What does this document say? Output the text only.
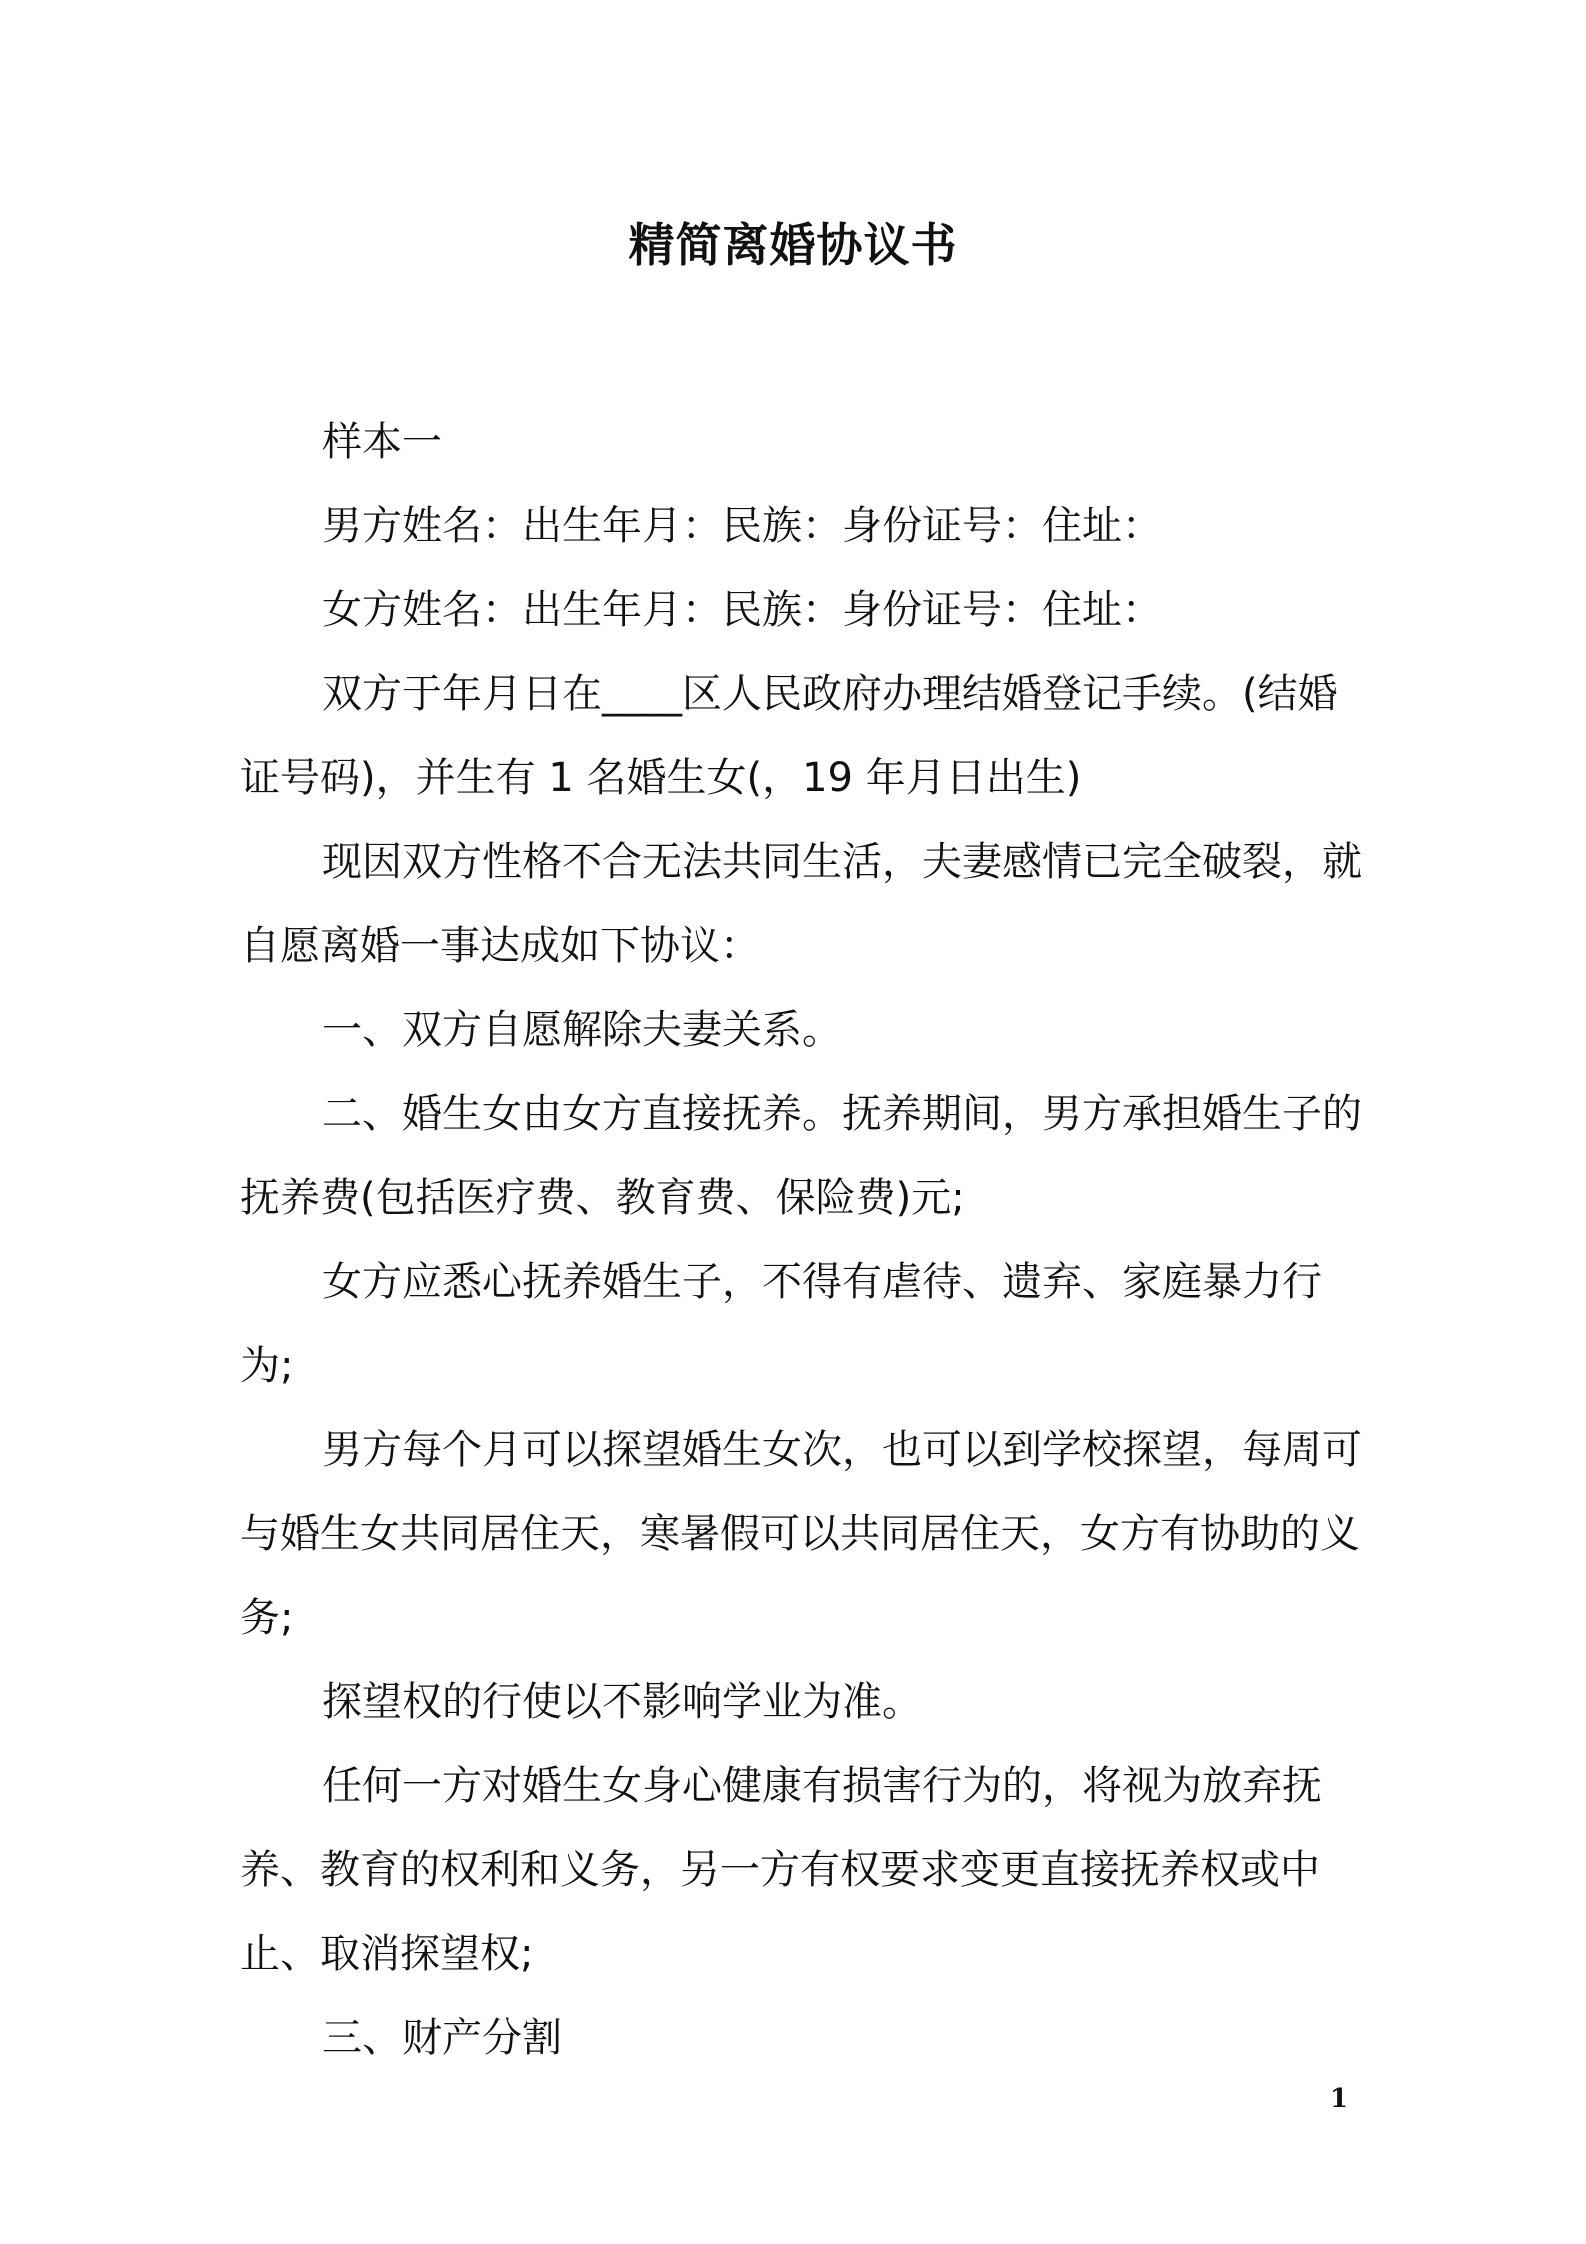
精简离婚协议书

样本一

男方姓名：出生年月：民族：身份证号：住址：

女方姓名：出生年月：民族：身份证号：住址：

双方于年月日在____区人民政府办理结婚登记手续。(结婚证号码)，并生有 1 名婚生女(，19 年月日出生)

现因双方性格不合无法共同生活，夫妻感情已完全破裂，就自愿离婚一事达成如下协议：

一、双方自愿解除夫妻关系。

二、婚生女由女方直接抚养。抚养期间，男方承担婚生子的抚养费(包括医疗费、教育费、保险费)元;

女方应悉心抚养婚生子，不得有虐待、遗弃、家庭暴力行为;

男方每个月可以探望婚生女次，也可以到学校探望，每周可与婚生女共同居住天，寒暑假可以共同居住天，女方有协助的义务;

探望权的行使以不影响学业为准。

任何一方对婚生女身心健康有损害行为的，将视为放弃抚养、教育的权利和义务，另一方有权要求变更直接抚养权或中止、取消探望权;

三、财产分割

1
